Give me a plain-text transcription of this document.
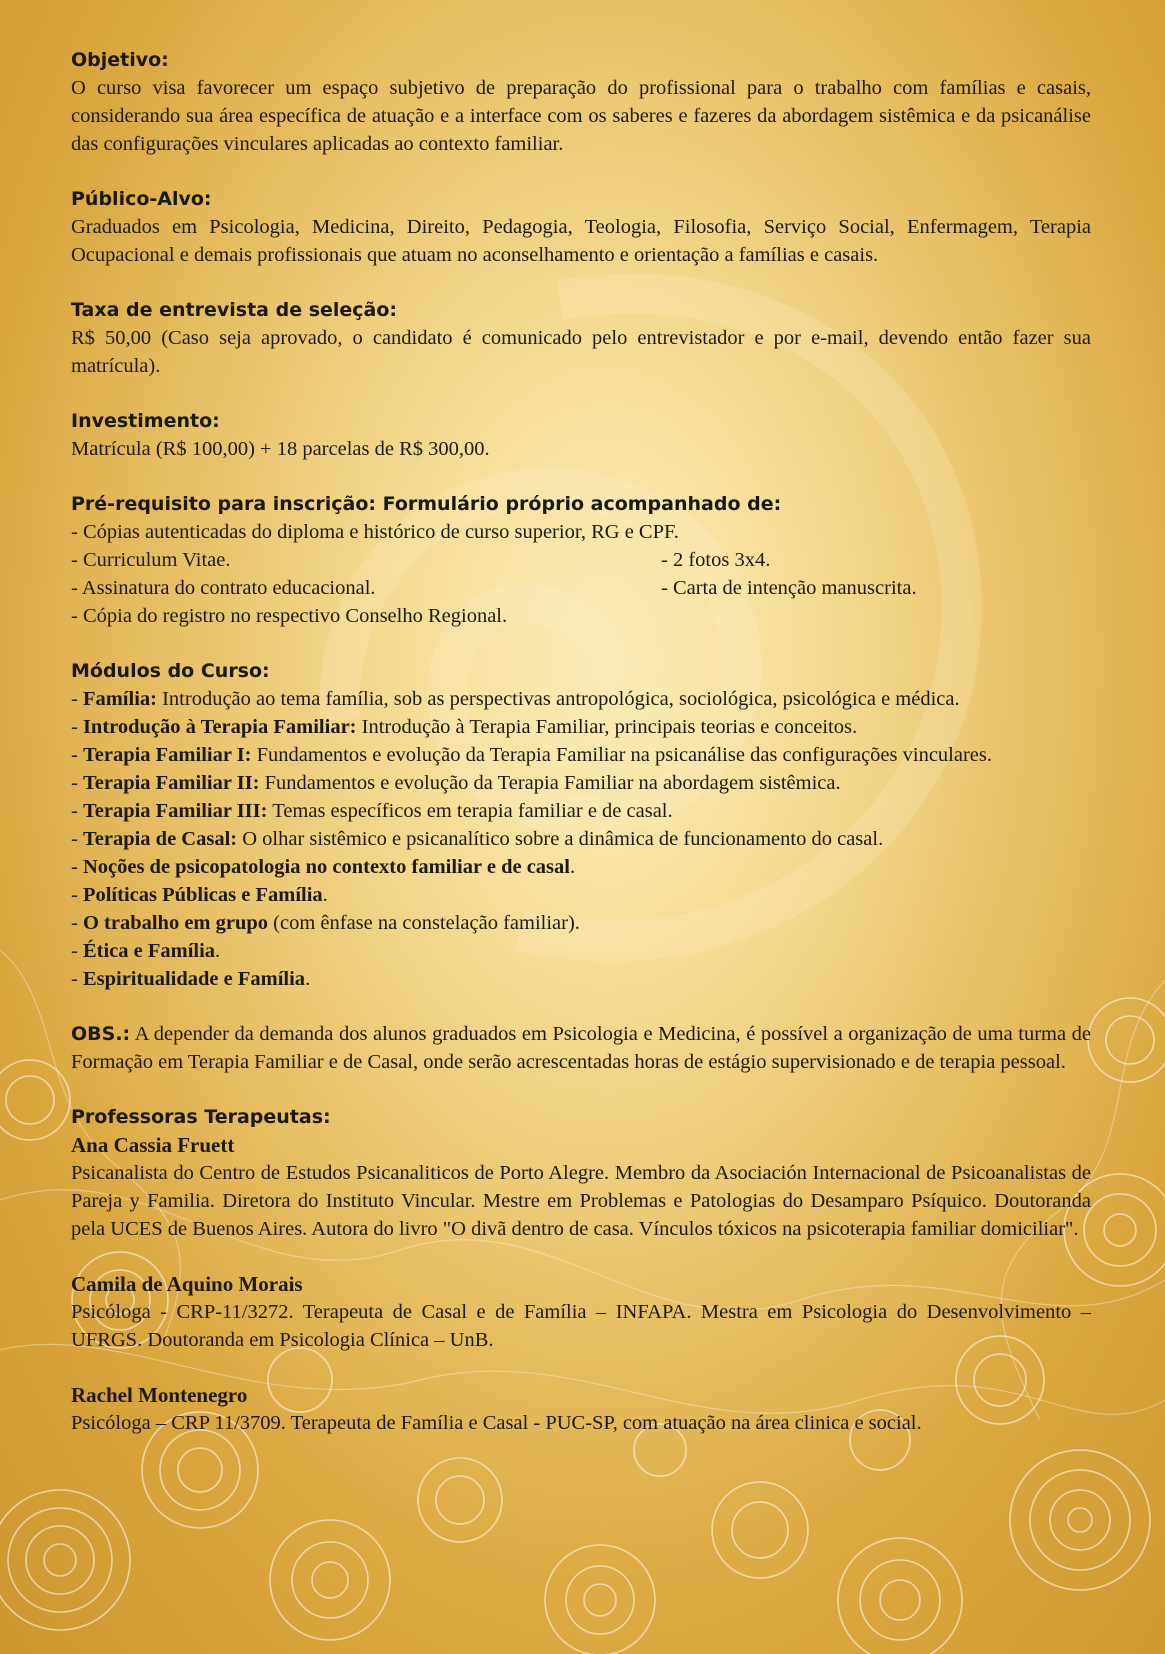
Objetivo:

O curso visa favorecer um espaço subjetivo de preparação do profissional para o trabalho com famílias e casais, considerando sua área específica de atuação e a interface com os saberes e fazeres da abordagem sistêmica e da psicanálise das configurações vinculares aplicadas ao contexto familiar.

Público-Alvo:

Graduados em Psicologia, Medicina, Direito, Pedagogia, Teologia, Filosofia, Serviço Social, Enfermagem, Terapia Ocupacional e demais profissionais que atuam no aconselhamento e orientação a famílias e casais.

Taxa de entrevista de seleção:

R$ 50,00 (Caso seja aprovado, o candidato é comunicado pelo entrevistador e por e-mail, devendo então fazer sua matrícula).

Investimento:

Matrícula (R$ 100,00) + 18 parcelas de R$ 300,00.

Pré-requisito para inscrição: Formulário próprio acompanhado de:

- Cópias autenticadas do diploma e histórico de curso superior, RG e CPF.

- Curriculum Vitae.	- 2 fotos 3x4.

- Assinatura do contrato educacional.	- Carta de intenção manuscrita.

- Cópia do registro no respectivo Conselho Regional.

Módulos do Curso:

- Família: Introdução ao tema família, sob as perspectivas antropológica, sociológica, psicológica e médica.

- Introdução à Terapia Familiar: Introdução à Terapia Familiar, principais teorias e conceitos.

- Terapia Familiar I: Fundamentos e evolução da Terapia Familiar na psicanálise das configurações vinculares.

- Terapia Familiar II: Fundamentos e evolução da Terapia Familiar na abordagem sistêmica.

- Terapia Familiar III: Temas específicos em terapia familiar e de casal.

- Terapia de Casal: O olhar sistêmico e psicanalítico sobre a dinâmica de funcionamento do casal.

- Noções de psicopatologia no contexto familiar e de casal.

- Políticas Públicas e Família.

- O trabalho em grupo (com ênfase na constelação familiar).

- Ética e Família.

- Espiritualidade e Família.

OBS.: A depender da demanda dos alunos graduados em Psicologia e Medicina, é possível a organização de uma turma de Formação em Terapia Familiar e de Casal, onde serão acrescentadas horas de estágio supervisionado e de terapia pessoal.

Professoras Terapeutas:

Ana Cassia Fruett

Psicanalista do Centro de Estudos Psicanaliticos de Porto Alegre. Membro da Asociación Internacional de Psicoanalistas de Pareja y Familia. Diretora do Instituto Vincular. Mestre em Problemas e Patologias do Desamparo Psíquico. Doutoranda pela UCES de Buenos Aires. Autora do livro "O divã dentro de casa. Vínculos tóxicos na psicoterapia familiar domiciliar".

Camila de Aquino Morais

Psicóloga - CRP-11/3272. Terapeuta de Casal e de Família – INFAPA. Mestra em Psicologia do Desenvolvimento – UFRGS. Doutoranda em Psicologia Clínica – UnB.

Rachel Montenegro

Psicóloga – CRP 11/3709. Terapeuta de Família e Casal - PUC-SP, com atuação na área clinica e social.
